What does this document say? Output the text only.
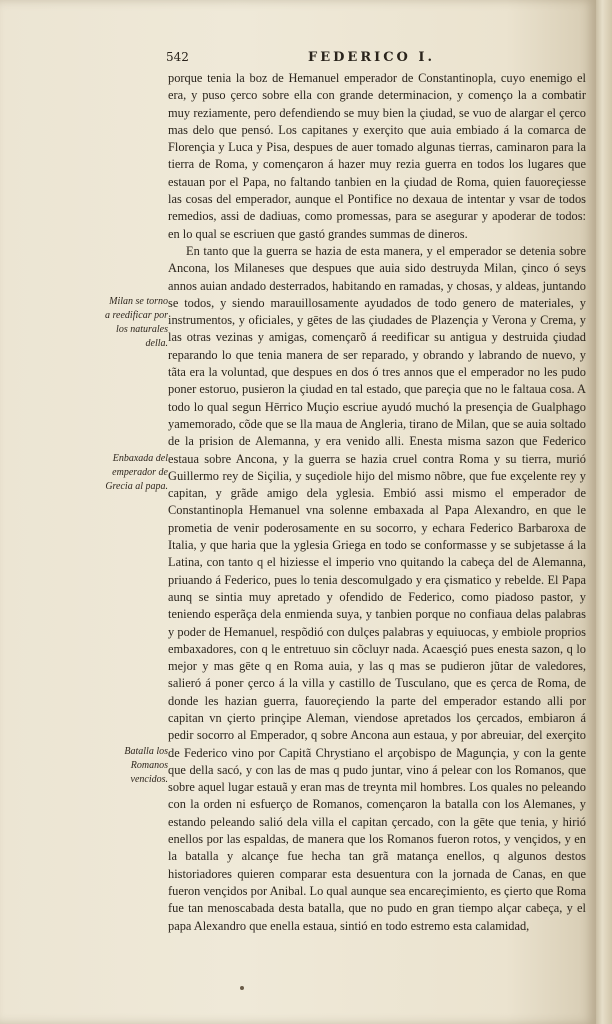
542	FEDERICO I.
Milan se torno a reedificar por los naturales della.
Enbaxada del emperador de Grecia al papa.
Batalla los Romanos vencidos.

porque tenia la boz de Hemanuel emperador de Constantinopla, cuyo enemigo el era, y puso çerco sobre ella con grande determinacion, y començo la a combatir muy reziamente, pero defendiendo se muy bien la çiudad, se vuo de alargar el çerco mas delo que pensó. Los capitanes y exerçito que auia embiado á la comarca de Florençia y Luca y Pisa, despues de auer tomado algunas tierras, caminaron para la tierra de Roma, y començaron á hazer muy rezia guerra en todos los lugares que estauan por el Papa, no faltando tanbien en la çiudad de Roma, quien fauoreçiesse las cosas del emperador, aunque el Pontifice no dexaua de intentar y vsar de todos remedios, assi de dadiuas, como promessas, para se asegurar y apoderar de todos: en lo qual se escriuen que gastó grandes summas de dineros.

En tanto que la guerra se hazia de esta manera, y el emperador se detenia sobre Ancona, los Milaneses que despues que auia sido destruyda Milan, çinco ó seys annos auian andado desterrados, habitando en ramadas, y chosas, y aldeas, juntando se todos, y siendo marauillosamente ayudados de todo genero de materiales, y instrumentos, y oficiales, y gētes de las çiudades de Plazençia y Verona y Crema, y las otras vezinas y amigas, començarõ á reedificar su antigua y destruida çiudad reparando lo que tenia manera de ser reparado, y obrando y labrando de nuevo, y tãta era la voluntad, que despues en dos ó tres annos que el emperador no les pudo poner estoruo, pusieron la çiudad en tal estado, que pareçia que no le faltaua cosa. A todo lo qual segun Hērrico Muçio escriue ayudó muchó la presençia de Gualphago yamemorado, cõde que se lla maua de Angleria, tirano de Milan, que se auia soltado de la prision de Alemanna, y era venido alli. Enesta misma sazon que Federico estaua sobre Ancona, y la guerra se hazia cruel contra Roma y su tierra, murió Guillermo rey de Siçilia, y suçediole hijo del mismo nõbre, que fue exçelente rey y capitan, y grãde amigo dela yglesia. Embió assi mismo el emperador de Constantinopla Hemanuel vna solenne embaxada al Papa Alexandro, en que le prometia de venir poderosamente en su socorro, y echara Federico Barbaroxa de Italia, y que haria que la yglesia Griega en todo se conformasse y se subjetasse á la Latina, con tanto q el hiziesse el imperio vno quitando la cabeça del de Alemanna, priuando á Federico, pues lo tenia descomulgado y era çismatico y rebelde. El Papa aunq se sintia muy apretado y ofendido de Federico, como piadoso pastor, y teniendo esperãça dela enmienda suya, y tanbien porque no confiaua delas palabras y poder de Hemanuel, respõdió con dulçes palabras y equiuocas, y embiole proprios embaxadores, con q le entretuuo sin cõcluyr nada. Acaesçió pues enesta sazon, q lo mejor y mas gēte q en Roma auia, y las q mas se pudieron jũtar de valedores, salieró á poner çerco á la villa y castillo de Tusculano, que es çerca de Roma, de donde les hazian guerra, fauoreçiendo la parte del emperador estando alli por capitan vn çierto prinçipe Aleman, viendose apretados los çercados, embiaron á pedir socorro al Emperador, q sobre Ancona aun estaua, y por abreuiar, del exerçito de Federico vino por Capitã Chrystiano el arçobispo de Magunçia, y con la gente que della sacó, y con las de mas q pudo juntar, vino á pelear con los Romanos, que sobre aquel lugar estauã y eran mas de treynta mil hombres. Los quales no peleando con la orden ni esfuerço de Romanos, començaron la batalla con los Alemanes, y estando peleando salió dela villa el capitan çercado, con la gēte que tenia, y hirió enellos por las espaldas, de manera que los Romanos fueron rotos, y vençidos, y en la batalla y alcançe fue hecha tan grã matança enellos, q algunos destos historiadores quieren comparar esta desuentura con la jornada de Canas, en que fueron vençidos por Anibal. Lo qual aunque sea encareçimiento, es çierto que Roma fue tan menoscabada desta batalla, que no pudo en gran tiempo alçar cabeça, y el papa Alexandro que enella estaua, sintió en todo estremo esta calamidad,
